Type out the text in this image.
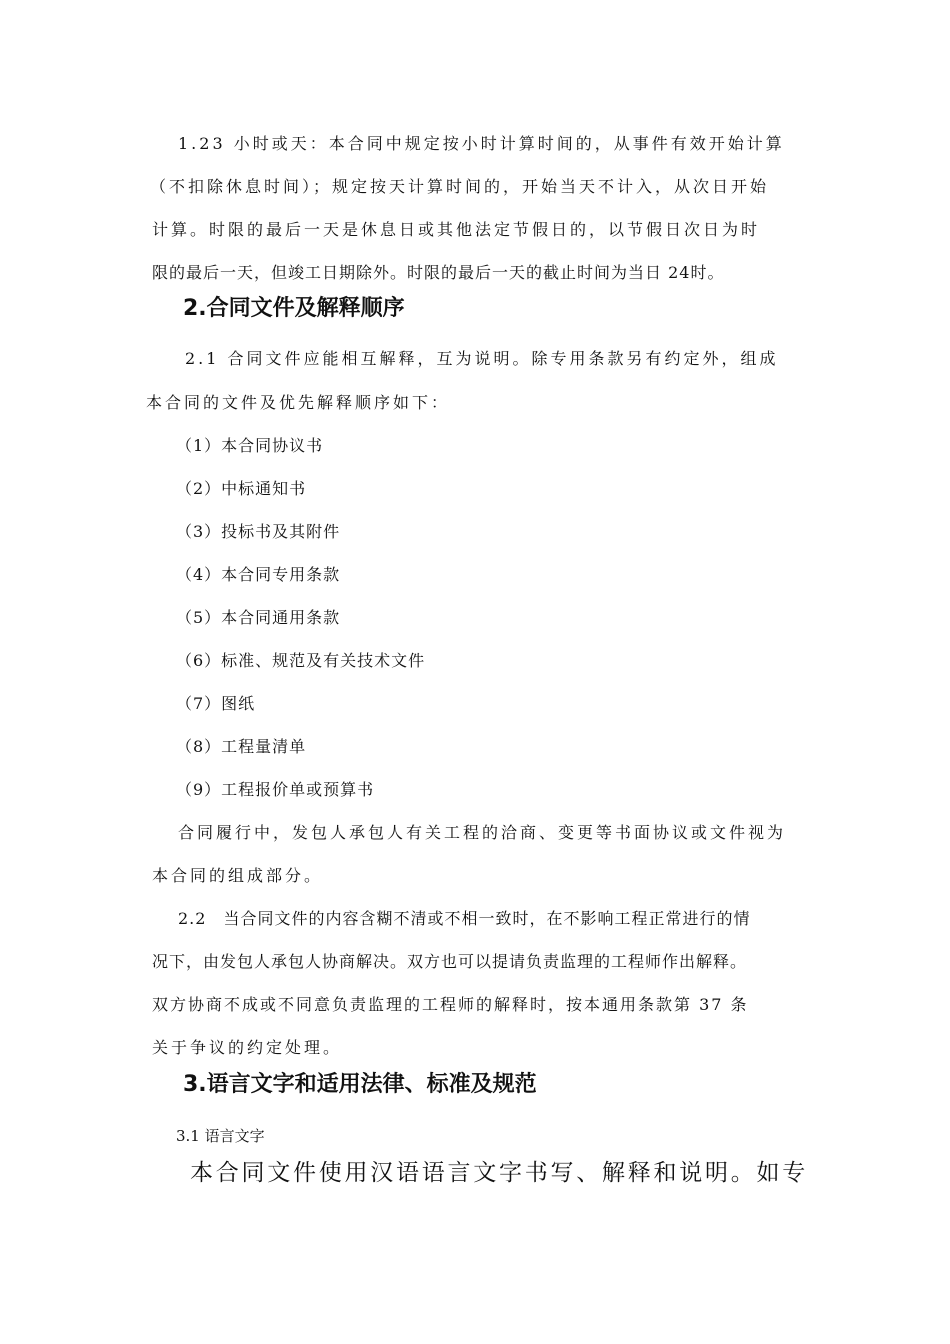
1.23 小时或天：本合同中规定按小时计算时间的，从事件有效开始计算
（不扣除休息时间）；规定按天计算时间的，开始当天不计入，从次日开始
计算。时限的最后一天是休息日或其他法定节假日的，以节假日次日为时
限的最后一天，但竣工日期除外。时限的最后一天的截止时间为当日 24时。
2.合同文件及解释顺序
2.1 合同文件应能相互解释，互为说明。除专用条款另有约定外，组成
本合同的文件及优先解释顺序如下：
（1）本合同协议书
（2）中标通知书
（3）投标书及其附件
（4）本合同专用条款
（5）本合同通用条款
（6）标准、规范及有关技术文件
（7）图纸
（8）工程量清单
（9）工程报价单或预算书
合同履行中，发包人承包人有关工程的洽商、变更等书面协议或文件视为
本合同的组成部分。
2.2　当合同文件的内容含糊不清或不相一致时，在不影响工程正常进行的情
况下，由发包人承包人协商解决。双方也可以提请负责监理的工程师作出解释。
双方协商不成或不同意负责监理的工程师的解释时，按本通用条款第 37 条
关于争议的约定处理。
3.语言文字和适用法律、标准及规范
3.1 语言文字
本合同文件使用汉语语言文字书写、解释和说明。如专
